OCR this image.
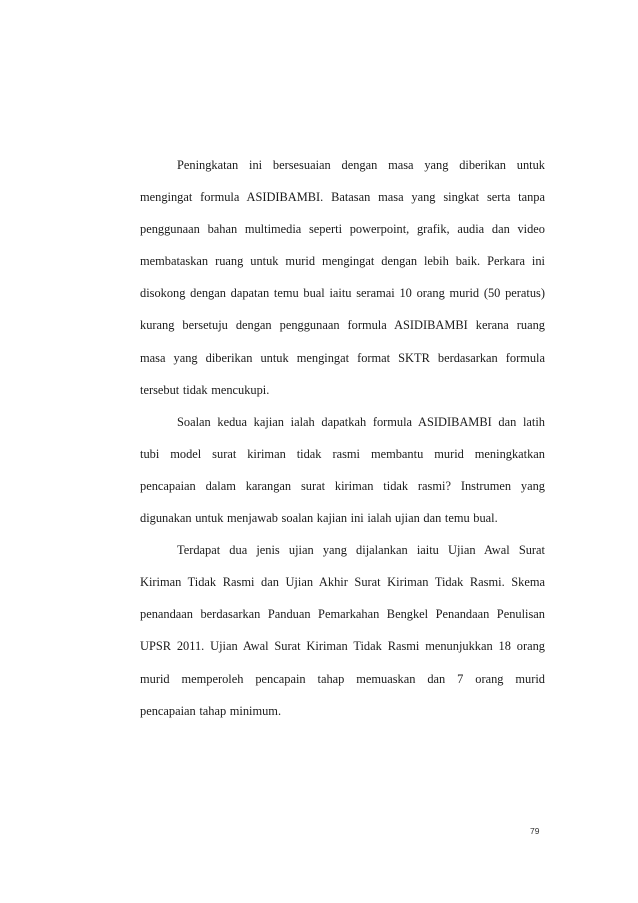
Peningkatan ini bersesuaian dengan masa yang diberikan untuk
mengingat formula ASIDIBAMBI. Batasan masa yang singkat serta tanpa
penggunaan bahan multimedia seperti powerpoint, grafik, audia dan video
membataskan ruang untuk murid mengingat dengan lebih baik. Perkara ini
disokong dengan dapatan temu bual iaitu seramai 10 orang murid (50 peratus)
kurang bersetuju dengan penggunaan formula ASIDIBAMBI kerana ruang
masa yang diberikan untuk mengingat format SKTR berdasarkan formula
tersebut tidak mencukupi.

Soalan kedua kajian ialah dapatkah formula ASIDIBAMBI dan latih
tubi model surat kiriman tidak rasmi membantu murid meningkatkan
pencapaian dalam karangan surat kiriman tidak rasmi? Instrumen yang
digunakan untuk menjawab soalan kajian ini ialah ujian dan temu bual.

Terdapat dua jenis ujian yang dijalankan iaitu Ujian Awal Surat
Kiriman Tidak Rasmi dan Ujian Akhir Surat Kiriman Tidak Rasmi. Skema
penandaan berdasarkan Panduan Pemarkahan Bengkel Penandaan Penulisan
UPSR 2011. Ujian Awal Surat Kiriman Tidak Rasmi menunjukkan 18 orang
murid memperoleh pencapain tahap memuaskan dan 7 orang murid
pencapaian tahap minimum.

79
